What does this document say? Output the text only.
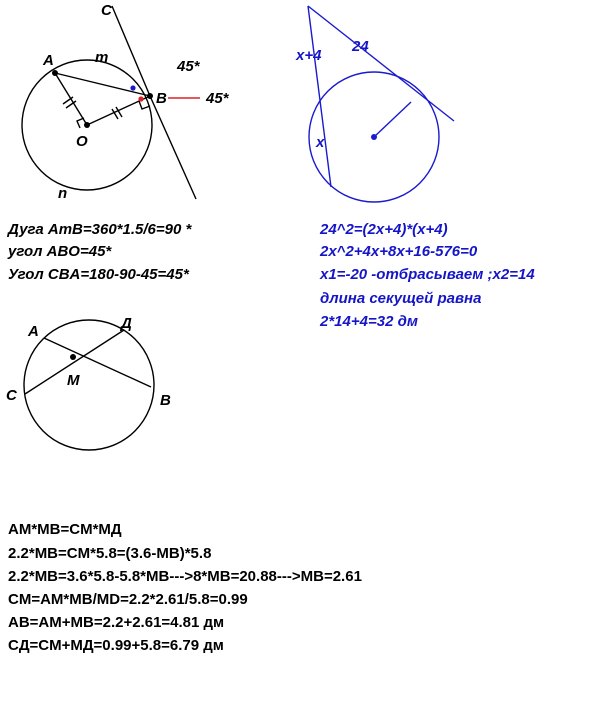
C
A	m
B
O
n
45*
45*
x+4
24
x
A	Д
C
M
B
Дуга AmB=360*1.5/6=90 *
угол ABO=45*
Угол CBA=180-90-45=45*
24^2=(2x+4)*(x+4)
2x^2+4x+8x+16-576=0
x1=-20 -отбрасываем ;x2=14
длина секущей равна
2*14+4=32 дм
AM*MB=CM*MД
2.2*MB=CM*5.8=(3.6-MB)*5.8
2.2*MB=3.6*5.8-5.8*MB--->8*MB=20.88--->MB=2.61
CM=AM*MB/MD=2.2*2.61/5.8=0.99
AB=AM+MB=2.2+2.61=4.81 дм
CД=CM+MД=0.99+5.8=6.79 дм
